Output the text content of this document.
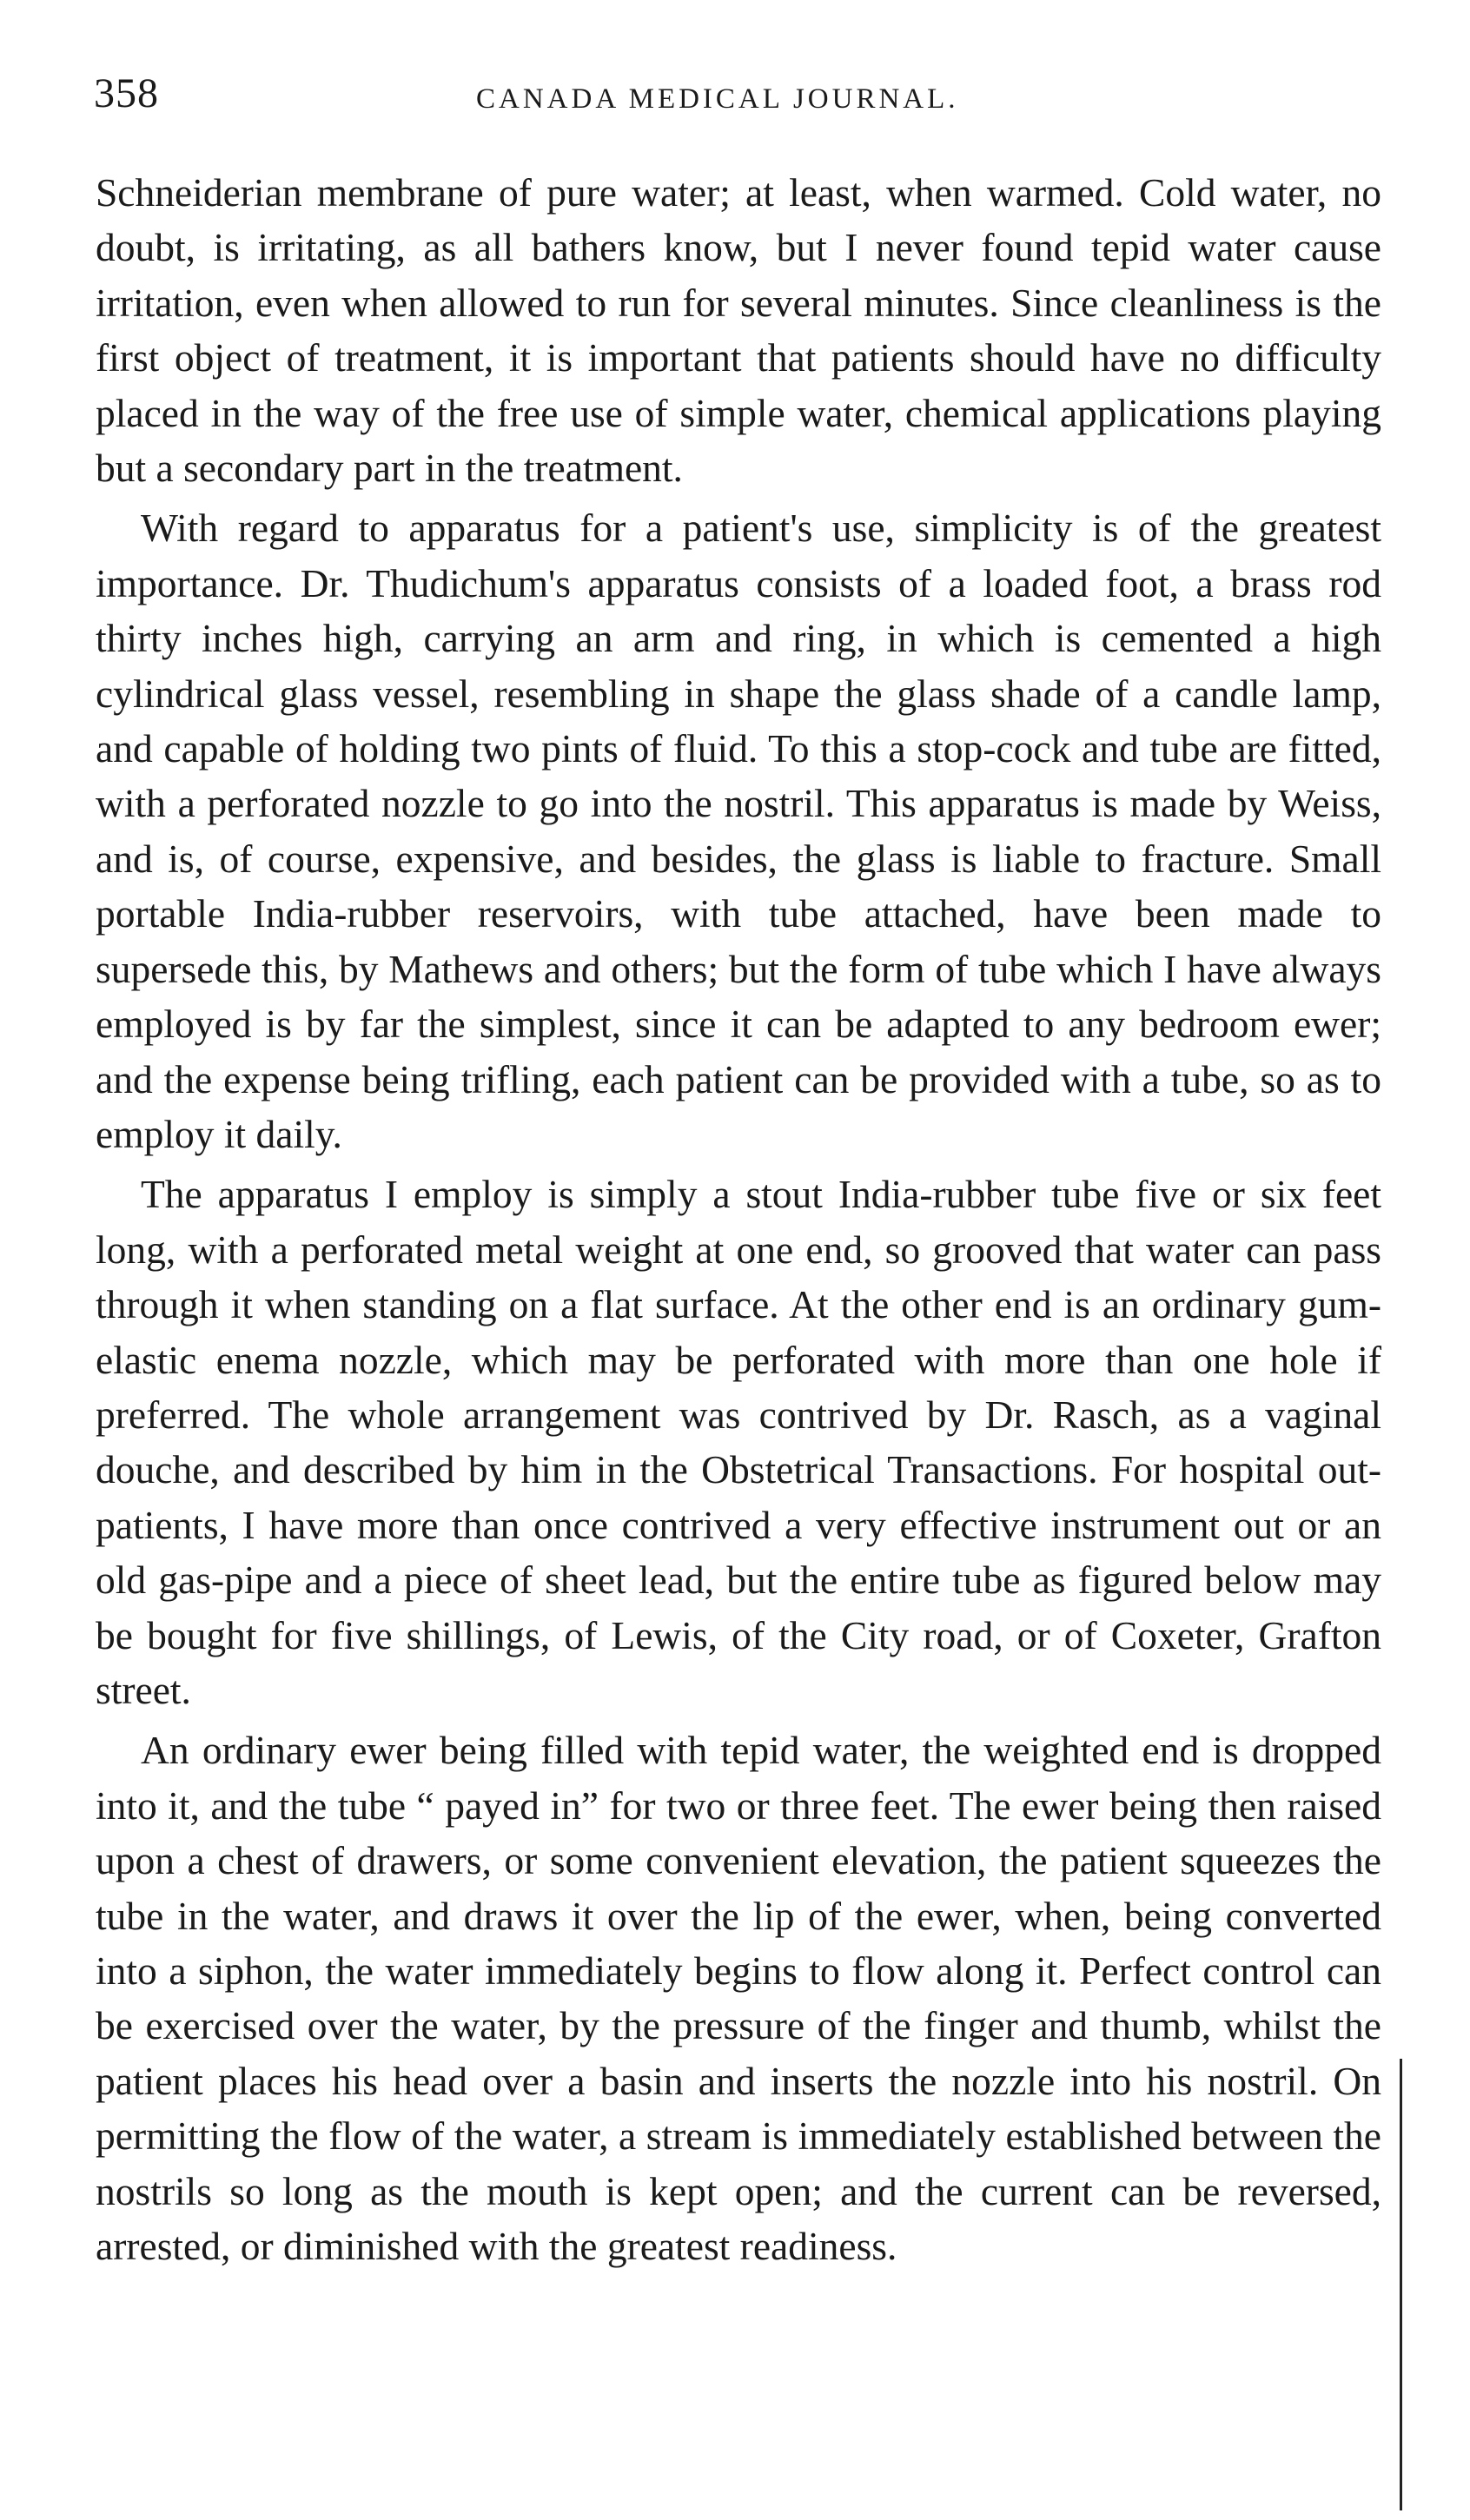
358	CANADA MEDICAL JOURNAL.

Schneiderian membrane of pure water; at least, when warmed. Cold water, no doubt, is irritating, as all bathers know, but I never found tepid water cause irritation, even when allowed to run for several minutes. Since cleanliness is the first object of treatment, it is important that patients should have no difficulty placed in the way of the free use of simple water, chemical applications playing but a secondary part in the treatment.

With regard to apparatus for a patient's use, simplicity is of the greatest importance. Dr. Thudichum's apparatus consists of a loaded foot, a brass rod thirty inches high, carrying an arm and ring, in which is cemented a high cylindrical glass vessel, resembling in shape the glass shade of a candle lamp, and capable of holding two pints of fluid. To this a stop-cock and tube are fitted, with a perforated nozzle to go into the nostril. This apparatus is made by Weiss, and is, of course, expensive, and besides, the glass is liable to fracture. Small portable India-rubber reservoirs, with tube attached, have been made to supersede this, by Mathews and others; but the form of tube which I have always employed is by far the simplest, since it can be adapted to any bedroom ewer; and the expense being trifling, each patient can be provided with a tube, so as to employ it daily.

The apparatus I employ is simply a stout India-rubber tube five or six feet long, with a perforated metal weight at one end, so grooved that water can pass through it when standing on a flat surface. At the other end is an ordinary gum-elastic enema nozzle, which may be perforated with more than one hole if preferred. The whole arrangement was contrived by Dr. Rasch, as a vaginal douche, and described by him in the Obstetrical Transactions. For hospital out-patients, I have more than once contrived a very effective instrument out or an old gas-pipe and a piece of sheet lead, but the entire tube as figured below may be bought for five shillings, of Lewis, of the City road, or of Coxeter, Grafton street.

An ordinary ewer being filled with tepid water, the weighted end is dropped into it, and the tube “ payed in” for two or three feet. The ewer being then raised upon a chest of drawers, or some convenient elevation, the patient squeezes the tube in the water, and draws it over the lip of the ewer, when, being converted into a siphon, the water immediately begins to flow along it. Perfect control can be exercised over the water, by the pressure of the finger and thumb, whilst the patient places his head over a basin and inserts the nozzle into his nostril. On permitting the flow of the water, a stream is immediately established between the nostrils so long as the mouth is kept open; and the current can be reversed, arrested, or diminished with the greatest readiness.
